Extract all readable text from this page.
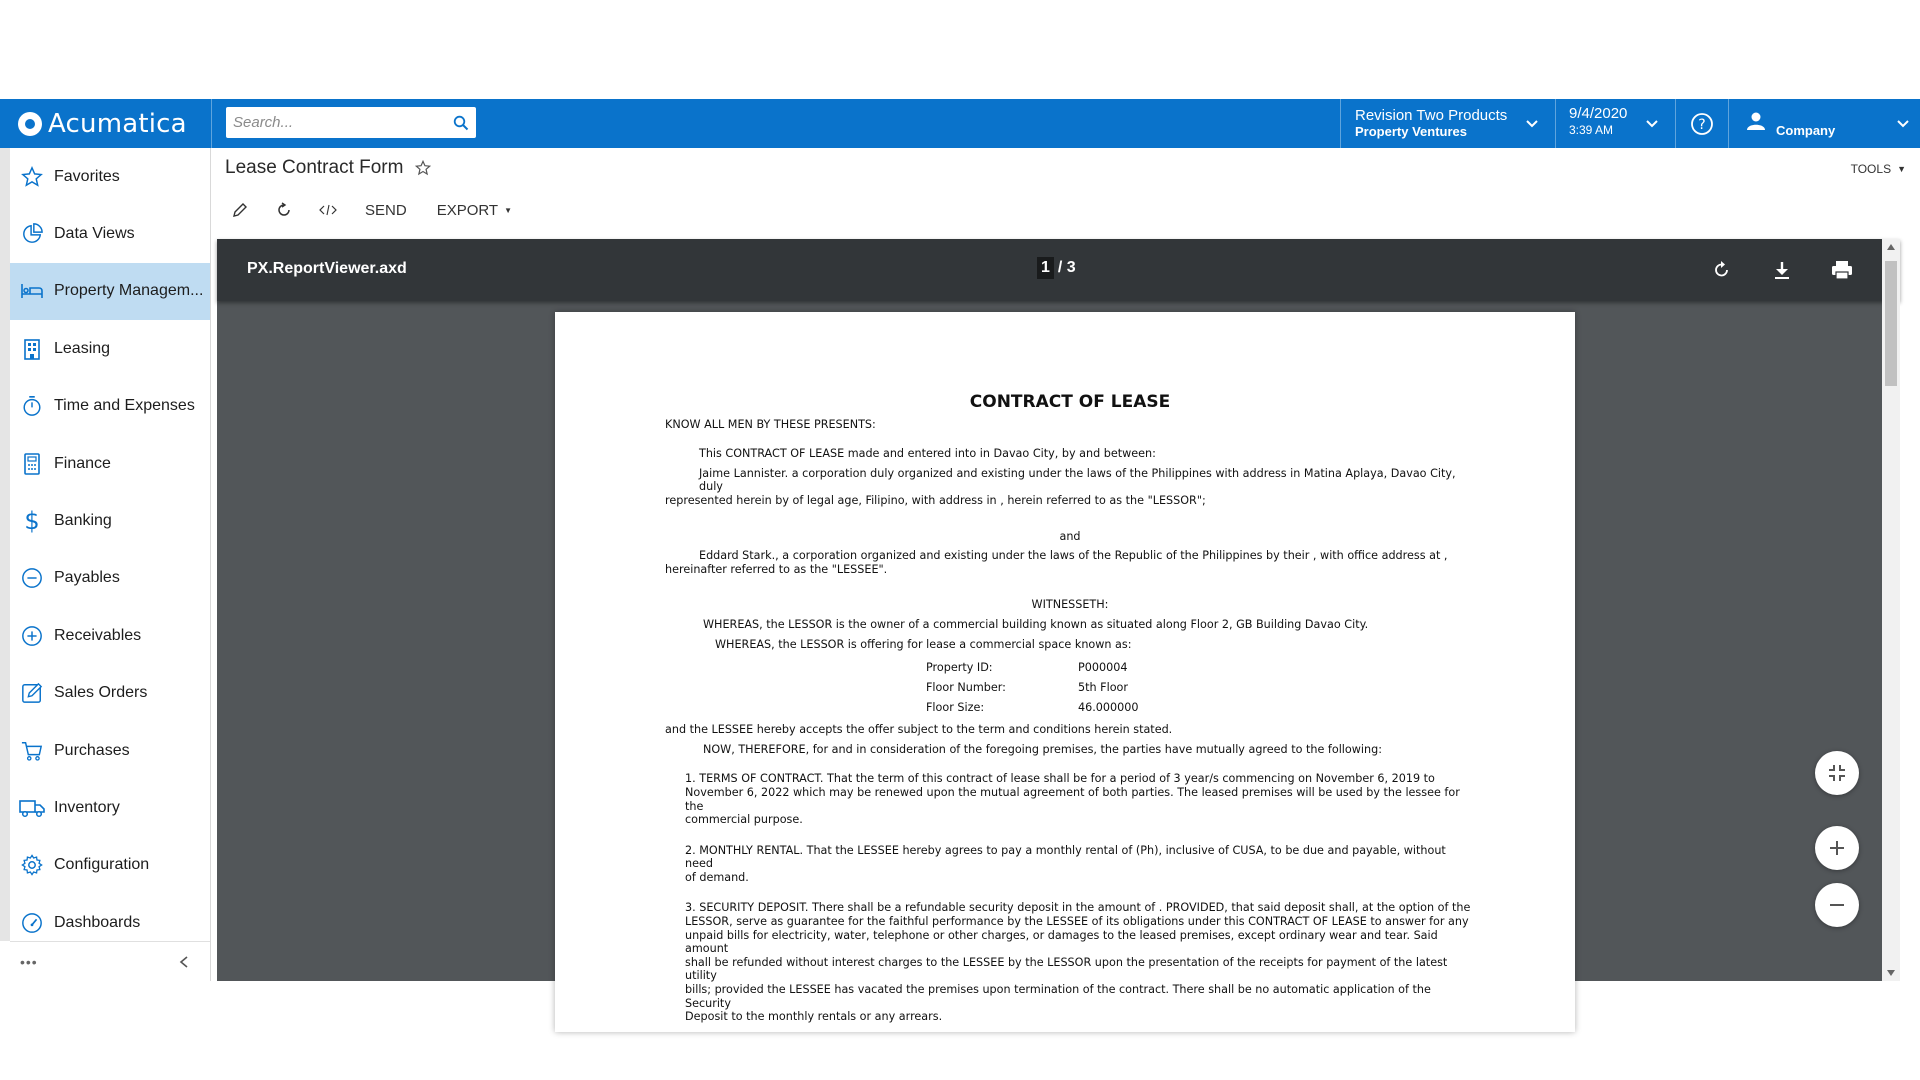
Acumatica
Search...	Revision Two Products
Property Ventures
9/4/2020
3:39 AM	?	Company
Favorites
Data Views
Property Managem...
Leasing
Time and Expenses
Finance
$ Banking
Payables
Receivables
Sales Orders
Purchases
Inventory
Configuration
Dashboards
•••
Lease Contract Form	TOOLS ▼
SEND EXPORT ▼
PX.ReportViewer.axd	1 / 3

CONTRACT OF LEASE

KNOW ALL MEN BY THESE PRESENTS:

This CONTRACT OF LEASE made and entered into in Davao City, by and between:

Jaime Lannister. a corporation duly organized and existing under the laws of the Philippines with address in Matina Aplaya, Davao City, duly

represented herein by of legal age, Filipino, with address in , herein referred to as the "LESSOR";

and

Eddard Stark., a corporation organized and existing under the laws of the Republic of the Philippines by their , with office address at ,

hereinafter referred to as the "LESSEE".

WITNESSETH:

WHEREAS, the LESSOR is the owner of a commercial building known as situated along Floor 2, GB Building Davao City.

WHEREAS, the LESSOR is offering for lease a commercial space known as:

Property ID:	P000004
Floor Number:	5th Floor
Floor Size:	46.000000

and the LESSEE hereby accepts the offer subject to the term and conditions herein stated.

NOW, THEREFORE, for and in consideration of the foregoing premises, the parties have mutually agreed to the following:

1. TERMS OF CONTRACT. That the term of this contract of lease shall be for a period of 3 year/s commencing on November 6, 2019 to

November 6, 2022 which may be renewed upon the mutual agreement of both parties. The leased premises will be used by the lessee for the

commercial purpose.

2. MONTHLY RENTAL. That the LESSEE hereby agrees to pay a monthly rental of (Ph), inclusive of CUSA, to be due and payable, without need

of demand.

3. SECURITY DEPOSIT. There shall be a refundable security deposit in the amount of . PROVIDED, that said deposit shall, at the option of the

LESSOR, serve as guarantee for the faithful performance by the LESSEE of its obligations under this CONTRACT OF LEASE to answer for any

unpaid bills for electricity, water, telephone or other charges, or damages to the leased premises, except ordinary wear and tear. Said amount

shall be refunded without interest charges to the LESSEE by the LESSOR upon the presentation of the receipts for payment of the latest utility

bills; provided the LESSEE has vacated the premises upon termination of the contract. There shall be no automatic application of the Security

Deposit to the monthly rentals or any arrears.
